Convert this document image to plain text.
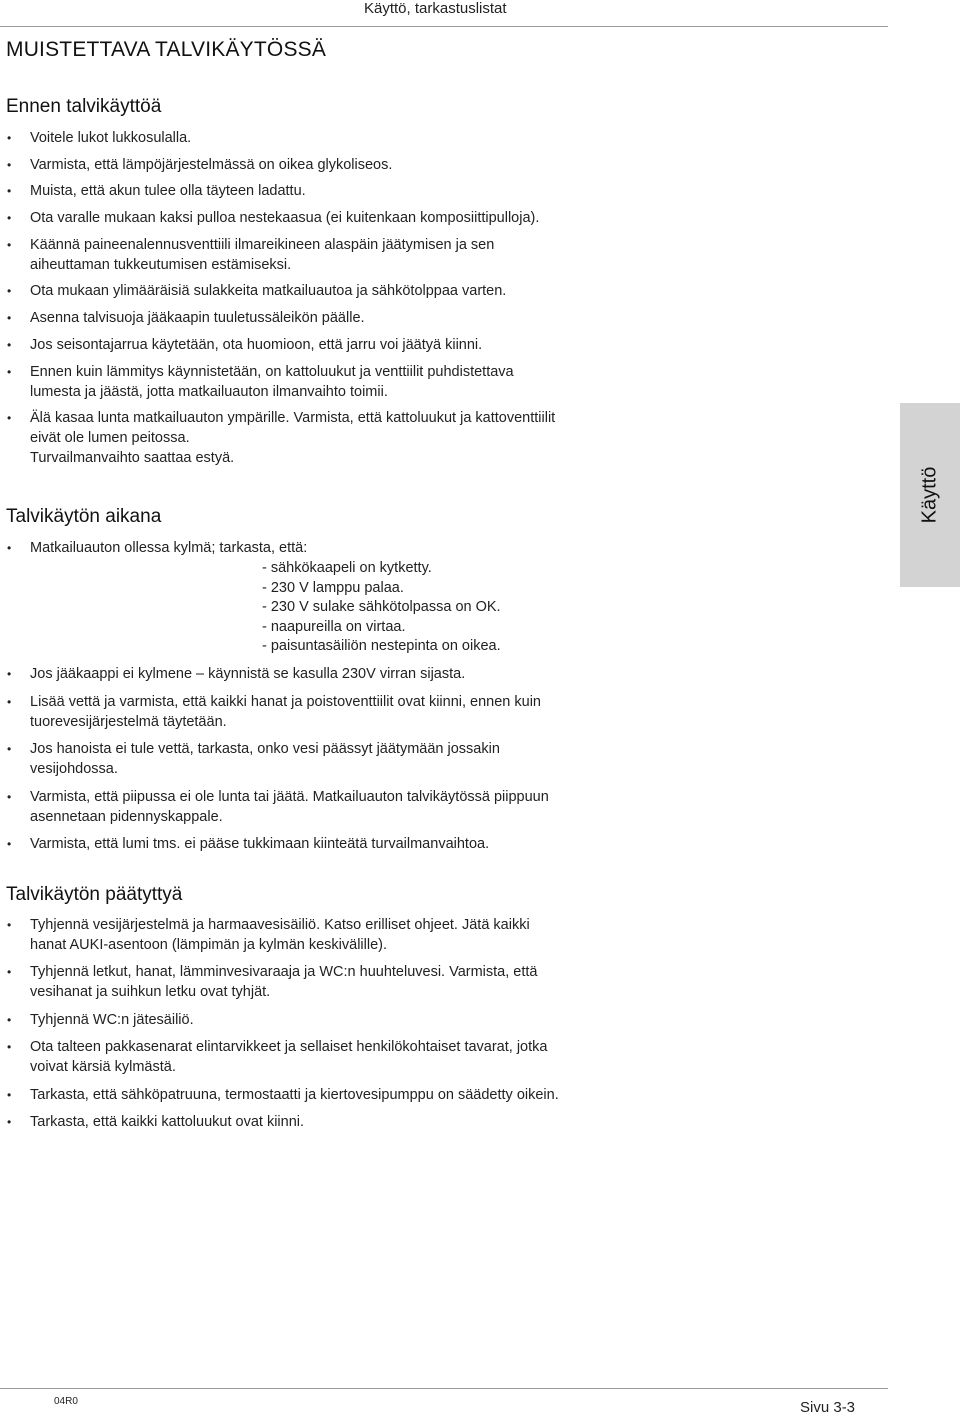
Käyttö, tarkastuslistat
MUISTETTAVA TALVIKÄYTÖSSÄ
Ennen talvikäyttöä
• Voitele lukot lukkosulalla.
• Varmista, että lämpöjärjestelmässä on oikea glykoliseos.
• Muista, että akun tulee olla täyteen ladattu.
• Ota varalle mukaan kaksi pulloa nestekaasua (ei kuitenkaan komposiittipulloja).
• Käännä paineenalennusventtiili ilmareikineen alaspäin jäätymisen ja sen
aiheuttaman tukkeutumisen estämiseksi.
• Ota mukaan ylimääräisiä sulakkeita matkailuautoa ja sähkötolppaa varten.
• Asenna talvisuoja jääkaapin tuuletussäleikön päälle.
• Jos seisontajarrua käytetään, ota huomioon, että jarru voi jäätyä kiinni.
• Ennen kuin lämmitys käynnistetään, on kattoluukut ja venttiilit puhdistettava
lumesta ja jäästä, jotta matkailuauton ilmanvaihto toimii.
• Älä kasaa lunta matkailuauton ympärille. Varmista, että kattoluukut ja kattoventtiilit
eivät ole lumen peitossa.
Turvailmanvaihto saattaa estyä.
Talvikäytön aikana
• Matkailuauton ollessa kylmä; tarkasta, että:
- sähkökaapeli on kytketty.
- 230 V lamppu palaa.
- 230 V sulake sähkötolpassa on OK.
- naapureilla on virtaa.
- paisuntasäiliön nestepinta on oikea.
• Jos jääkaappi ei kylmene – käynnistä se kasulla 230V virran sijasta.
• Lisää vettä ja varmista, että kaikki hanat ja poistoventtiilit ovat kiinni, ennen kuin
tuorevesijärjestelmä täytetään.
• Jos hanoista ei tule vettä, tarkasta, onko vesi päässyt jäätymään jossakin
vesijohdossa.
• Varmista, että piipussa ei ole lunta tai jäätä. Matkailuauton talvikäytössä piippuun
asennetaan pidennyskappale.
• Varmista, että lumi tms. ei pääse tukkimaan kiinteätä turvailmanvaihtoa.
Talvikäytön päätyttyä
• Tyhjennä vesijärjestelmä ja harmaavesisäiliö. Katso erilliset ohjeet. Jätä kaikki
hanat AUKI-asentoon (lämpimän ja kylmän keskivälille).
• Tyhjennä letkut, hanat, lämminvesivaraaja ja WC:n huuhteluvesi. Varmista, että
vesihanat ja suihkun letku ovat tyhjät.
• Tyhjennä WC:n jätesäiliö.
• Ota talteen pakkasenarat elintarvikkeet ja sellaiset henkilökohtaiset tavarat, jotka
voivat kärsiä kylmästä.
• Tarkasta, että sähköpatruuna, termostaatti ja kiertovesipumppu on säädetty oikein.
• Tarkasta, että kaikki kattoluukut ovat kiinni.
Käyttö
04R0	Sivu 3-3
